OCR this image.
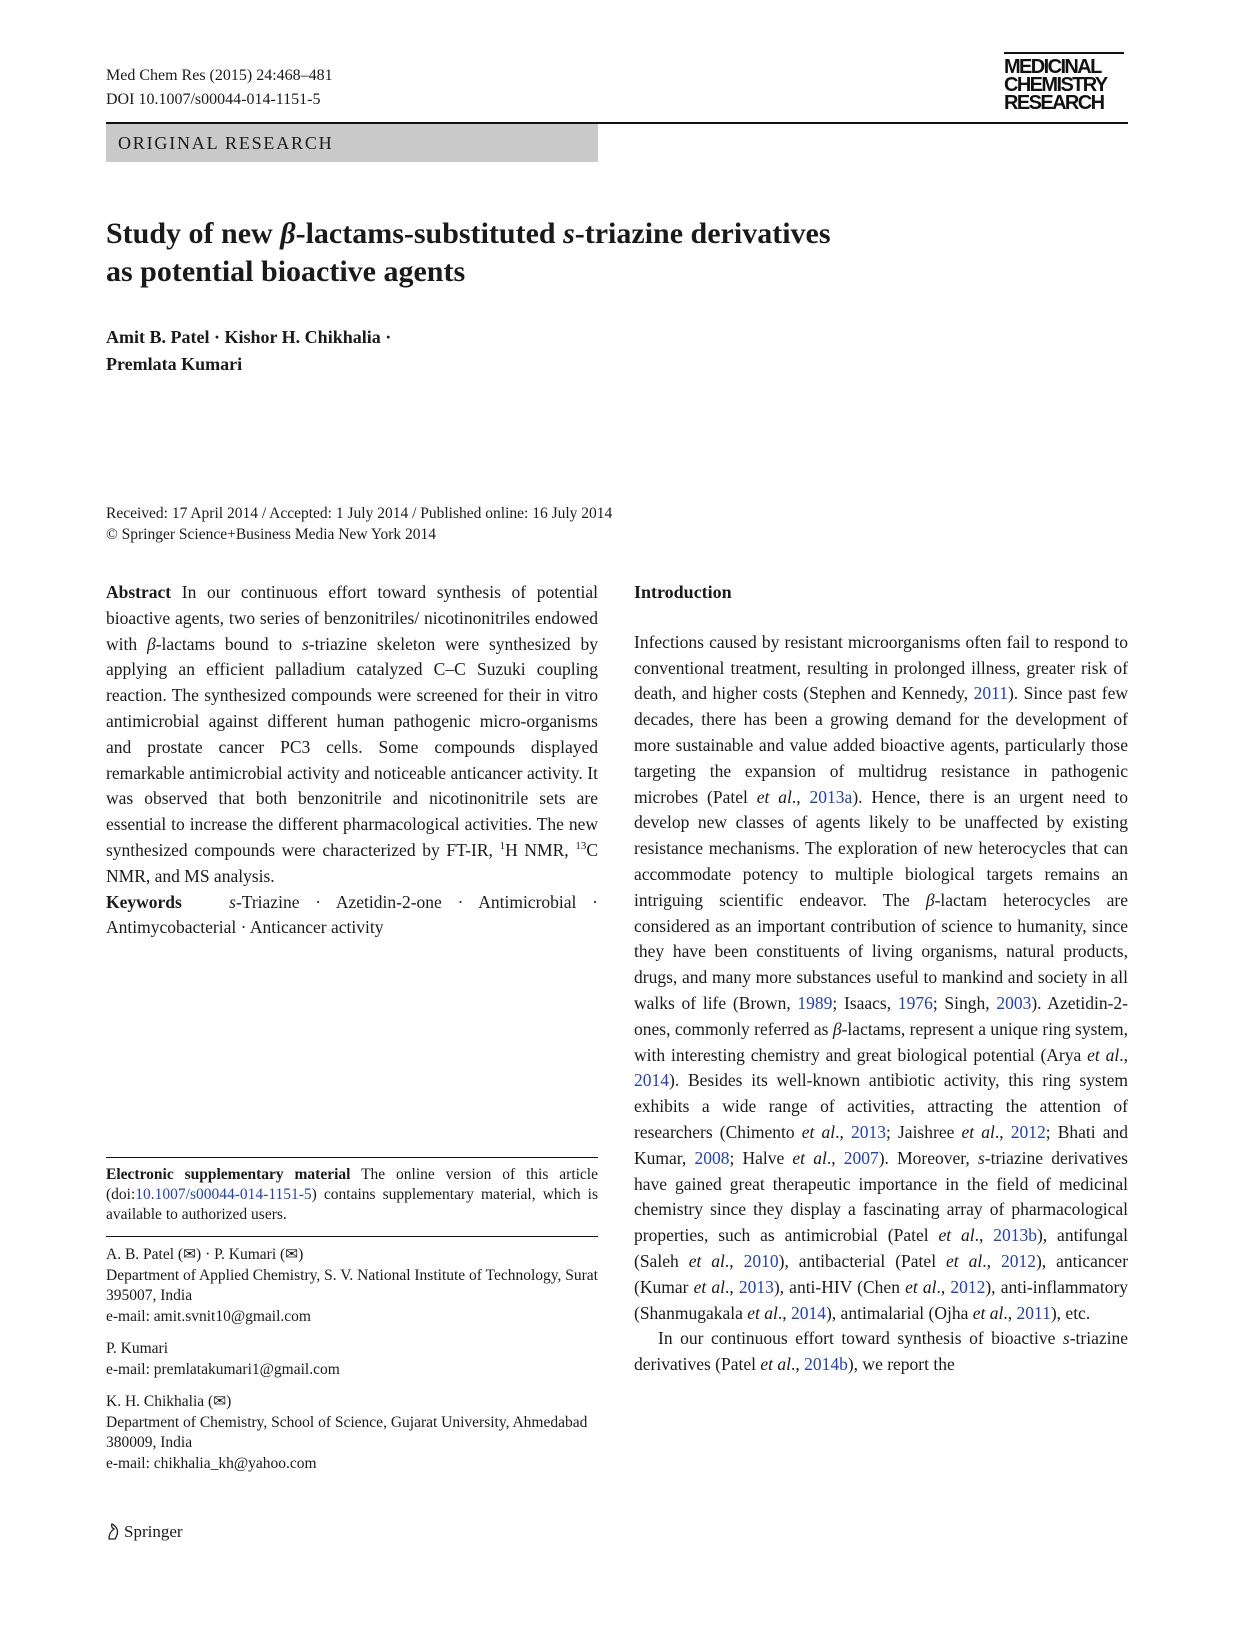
Med Chem Res (2015) 24:468–481
DOI 10.1007/s00044-014-1151-5
MEDICINAL
CHEMISTRY
RESEARCH
ORIGINAL RESEARCH
Study of new β-lactams-substituted s-triazine derivatives
as potential bioactive agents
Amit B. Patel · Kishor H. Chikhalia ·
Premlata Kumari
Received: 17 April 2014 / Accepted: 1 July 2014 / Published online: 16 July 2014
© Springer Science+Business Media New York 2014

Abstract In our continuous effort toward synthesis of potential bioactive agents, two series of benzonitriles/ nicotinonitriles endowed with β-lactams bound to s-triazine skeleton were synthesized by applying an efficient palladium catalyzed C–C Suzuki coupling reaction. The synthesized compounds were screened for their in vitro antimicrobial against different human pathogenic micro-organisms and prostate cancer PC3 cells. Some compounds displayed remarkable antimicrobial activity and noticeable anticancer activity. It was observed that both benzonitrile and nicotinonitrile sets are essential to increase the different pharmacological activities. The new synthesized compounds were characterized by FT-IR, $^1$H NMR, $^{13}$C NMR, and MS analysis.

Keywords	s-Triazine · Azetidin-2-one · Antimicrobial · Antimycobacterial · Anticancer activity

Electronic supplementary material The online version of this article (doi:10.1007/s00044-014-1151-5) contains supplementary material, which is available to authorized users.

A. B. Patel (✉) · P. Kumari (✉)
Department of Applied Chemistry, S. V. National Institute of Technology, Surat 395007, India
e-mail: amit.svnit10@gmail.com

P. Kumari
e-mail: premlatakumari1@gmail.com

K. H. Chikhalia (✉)
Department of Chemistry, School of Science, Gujarat University, Ahmedabad 380009, India
e-mail: chikhalia_kh@yahoo.com

Introduction

Infections caused by resistant microorganisms often fail to respond to conventional treatment, resulting in prolonged illness, greater risk of death, and higher costs (Stephen and Kennedy, 2011). Since past few decades, there has been a growing demand for the development of more sustainable and value added bioactive agents, particularly those targeting the expansion of multidrug resistance in pathogenic microbes (Patel et al., 2013a). Hence, there is an urgent need to develop new classes of agents likely to be unaffected by existing resistance mechanisms. The exploration of new heterocycles that can accommodate potency to multiple biological targets remains an intriguing scientific endeavor. The β-lactam heterocycles are considered as an important contribution of science to humanity, since they have been constituents of living organisms, natural products, drugs, and many more substances useful to mankind and society in all walks of life (Brown, 1989; Isaacs, 1976; Singh, 2003). Azetidin-2-ones, commonly referred as β-lactams, represent a unique ring system, with interesting chemistry and great biological potential (Arya et al., 2014). Besides its well-known antibiotic activity, this ring system exhibits a wide range of activities, attracting the attention of researchers (Chimento et al., 2013; Jaishree et al., 2012; Bhati and Kumar, 2008; Halve et al., 2007). Moreover, s-triazine derivatives have gained great therapeutic importance in the field of medicinal chemistry since they display a fascinating array of pharmacological properties, such as antimicrobial (Patel et al., 2013b), antifungal (Saleh et al., 2010), antibacterial (Patel et al., 2012), anticancer (Kumar et al., 2013), anti-HIV (Chen et al., 2012), anti-inflammatory (Shanmugakala et al., 2014), antimalarial (Ojha et al., 2011), etc.

In our continuous effort toward synthesis of bioactive s-triazine derivatives (Patel et al., 2014b), we report the

Springer
